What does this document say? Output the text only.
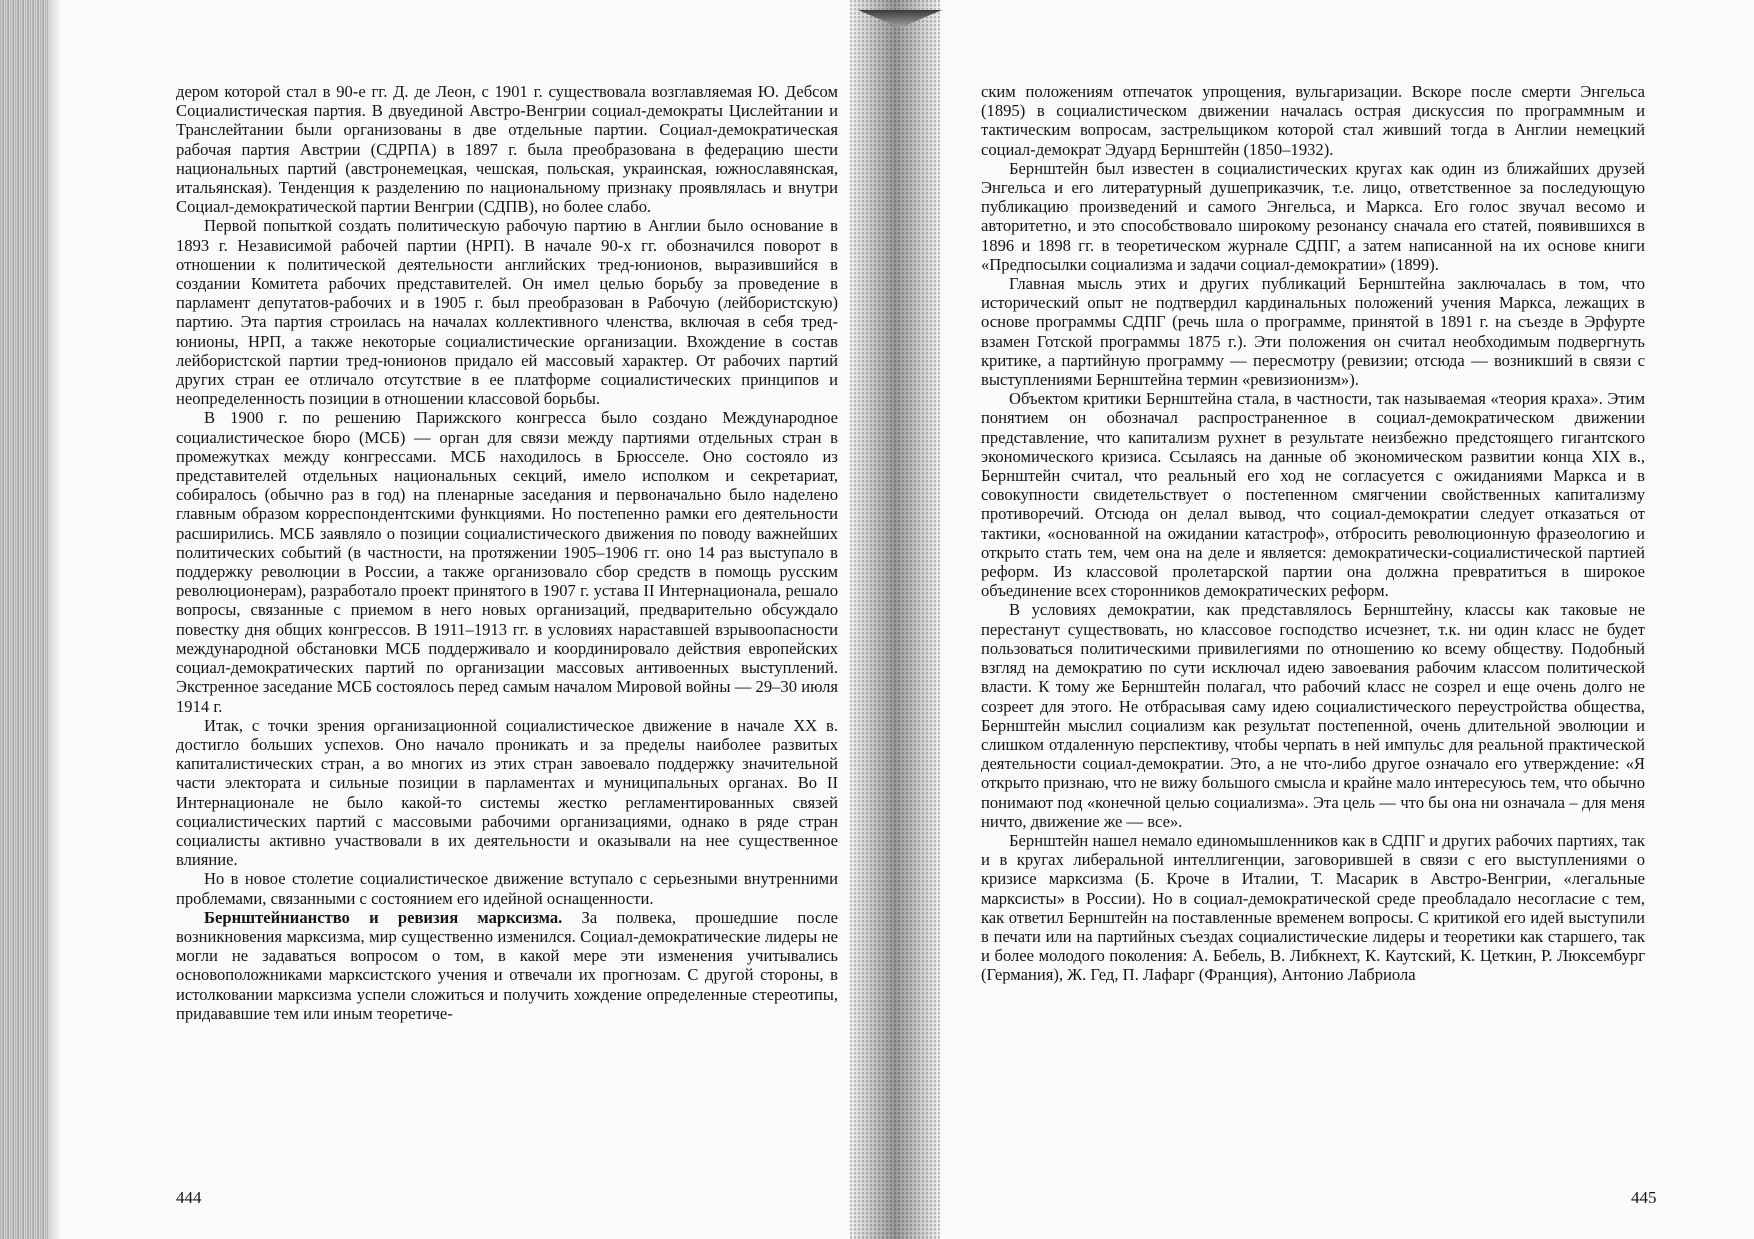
дером которой стал в 90-е гг. Д. де Леон, с 1901 г. существовала возглавляемая Ю. Дебсом Социалистическая партия. В двуединой Австро-Венгрии социал-демократы Цислейтании и Транслейтании были организованы в две отдельные партии. Социал-демократическая рабочая партия Австрии (СДРПА) в 1897 г. была преобразована в федерацию шести национальных партий (австронемецкая, чешская, польская, украинская, южнославянская, итальянская). Тенденция к разделению по национальному признаку проявлялась и внутри Социал-демократической партии Венгрии (СДПВ), но более слабо.

Первой попыткой создать политическую рабочую партию в Англии было основание в 1893 г. Независимой рабочей партии (НРП). В начале 90-х гг. обозначился поворот в отношении к политической деятельности английских тред-юнионов, выразившийся в создании Комитета рабочих представителей. Он имел целью борьбу за проведение в парламент депутатов-рабочих и в 1905 г. был преобразован в Рабочую (лейбористскую) партию. Эта партия строилась на началах коллективного членства, включая в себя тред-юнионы, НРП, а также некоторые социалистические организации. Вхождение в состав лейбористской партии тред-юнионов придало ей массовый характер. От рабочих партий других стран ее отличало отсутствие в ее платформе социалистических принципов и неопределенность позиции в отношении классовой борьбы.

В 1900 г. по решению Парижского конгресса было создано Международное социалистическое бюро (МСБ) — орган для связи между партиями отдельных стран в промежутках между конгрессами. МСБ находилось в Брюсселе. Оно состояло из представителей отдельных национальных секций, имело исполком и секретариат, собиралось (обычно раз в год) на пленарные заседания и первоначально было наделено главным образом корреспондентскими функциями. Но постепенно рамки его деятельности расширились. МСБ заявляло о позиции социалистического движения по поводу важнейших политических событий (в частности, на протяжении 1905–1906 гг. оно 14 раз выступало в поддержку революции в России, а также организовало сбор средств в помощь русским революционерам), разработало проект принятого в 1907 г. устава II Интернационала, решало вопросы, связанные с приемом в него новых организаций, предварительно обсуждало повестку дня общих конгрессов. В 1911–1913 гг. в условиях нараставшей взрывоопасности международной обстановки МСБ поддерживало и координировало действия европейских социал-демократических партий по организации массовых антивоенных выступлений. Экстренное заседание МСБ состоялось перед самым началом Мировой войны — 29–30 июля 1914 г.

Итак, с точки зрения организационной социалистическое движение в начале XX в. достигло больших успехов. Оно начало проникать и за пределы наиболее развитых капиталистических стран, а во многих из этих стран завоевало поддержку значительной части электората и сильные позиции в парламентах и муниципальных органах. Во II Интернационале не было какой-то системы жестко регламентированных связей социалистических партий с массовыми рабочими организациями, однако в ряде стран социалисты активно участвовали в их деятельности и оказывали на нее существенное влияние.

Но в новое столетие социалистическое движение вступало с серьезными внутренними проблемами, связанными с состоянием его идейной оснащенности.

Бернштейнианство и ревизия марксизма. За полвека, прошедшие после возникновения марксизма, мир существенно изменился. Социал-демократические лидеры не могли не задаваться вопросом о том, в какой мере эти изменения учитывались основоположниками марксистского учения и отвечали их прогнозам. С другой стороны, в истолковании марксизма успели сложиться и получить хождение определенные стереотипы, придававшие тем или иным теоретиче-

444

ским положениям отпечаток упрощения, вульгаризации. Вскоре после смерти Энгельса (1895) в социалистическом движении началась острая дискуссия по программным и тактическим вопросам, застрельщиком которой стал живший тогда в Англии немецкий социал-демократ Эдуард Бернштейн (1850–1932).

Бернштейн был известен в социалистических кругах как один из ближайших друзей Энгельса и его литературный душеприказчик, т.е. лицо, ответственное за последующую публикацию произведений и самого Энгельса, и Маркса. Его голос звучал весомо и авторитетно, и это способствовало широкому резонансу сначала его статей, появившихся в 1896 и 1898 гг. в теоретическом журнале СДПГ, а затем написанной на их основе книги «Предпосылки социализма и задачи социал-демократии» (1899).

Главная мысль этих и других публикаций Бернштейна заключалась в том, что исторический опыт не подтвердил кардинальных положений учения Маркса, лежащих в основе программы СДПГ (речь шла о программе, принятой в 1891 г. на съезде в Эрфурте взамен Готской программы 1875 г.). Эти положения он считал необходимым подвергнуть критике, а партийную программу — пересмотру (ревизии; отсюда — возникший в связи с выступлениями Бернштейна термин «ревизионизм»).

Объектом критики Бернштейна стала, в частности, так называемая «теория краха». Этим понятием он обозначал распространенное в социал-демократическом движении представление, что капитализм рухнет в результате неизбежно предстоящего гигантского экономического кризиса. Ссылаясь на данные об экономическом развитии конца XIX в., Бернштейн считал, что реальный его ход не согласуется с ожиданиями Маркса и в совокупности свидетельствует о постепенном смягчении свойственных капитализму противоречий. Отсюда он делал вывод, что социал-демократии следует отказаться от тактики, «основанной на ожидании катастроф», отбросить революционную фразеологию и открыто стать тем, чем она на деле и является: демократически-социалистической партией реформ. Из классовой пролетарской партии она должна превратиться в широкое объединение всех сторонников демократических реформ.

В условиях демократии, как представлялось Бернштейну, классы как таковые не перестанут существовать, но классовое господство исчезнет, т.к. ни один класс не будет пользоваться политическими привилегиями по отношению ко всему обществу. Подобный взгляд на демократию по сути исключал идею завоевания рабочим классом политической власти. К тому же Бернштейн полагал, что рабочий класс не созрел и еще очень долго не созреет для этого. Не отбрасывая саму идею социалистического переустройства общества, Бернштейн мыслил социализм как результат постепенной, очень длительной эволюции и слишком отдаленную перспективу, чтобы черпать в ней импульс для реальной практической деятельности социал-демократии. Это, а не что-либо другое означало его утверждение: «Я открыто признаю, что не вижу большого смысла и крайне мало интересуюсь тем, что обычно понимают под «конечной целью социализма». Эта цель — что бы она ни означала – для меня ничто, движение же — все».

Бернштейн нашел немало единомышленников как в СДПГ и других рабочих партиях, так и в кругах либеральной интеллигенции, заговорившей в связи с его выступлениями о кризисе марксизма (Б. Кроче в Италии, Т. Масарик в Австро-Венгрии, «легальные марксисты» в России). Но в социал-демократической среде преобладало несогласие с тем, как ответил Бернштейн на поставленные временем вопросы. С критикой его идей выступили в печати или на партийных съездах социалистические лидеры и теоретики как старшего, так и более молодого поколения: А. Бебель, В. Либкнехт, К. Каутский, К. Цеткин, Р. Люксембург (Германия), Ж. Гед, П. Лафарг (Франция), Антонио Лабриола

445
